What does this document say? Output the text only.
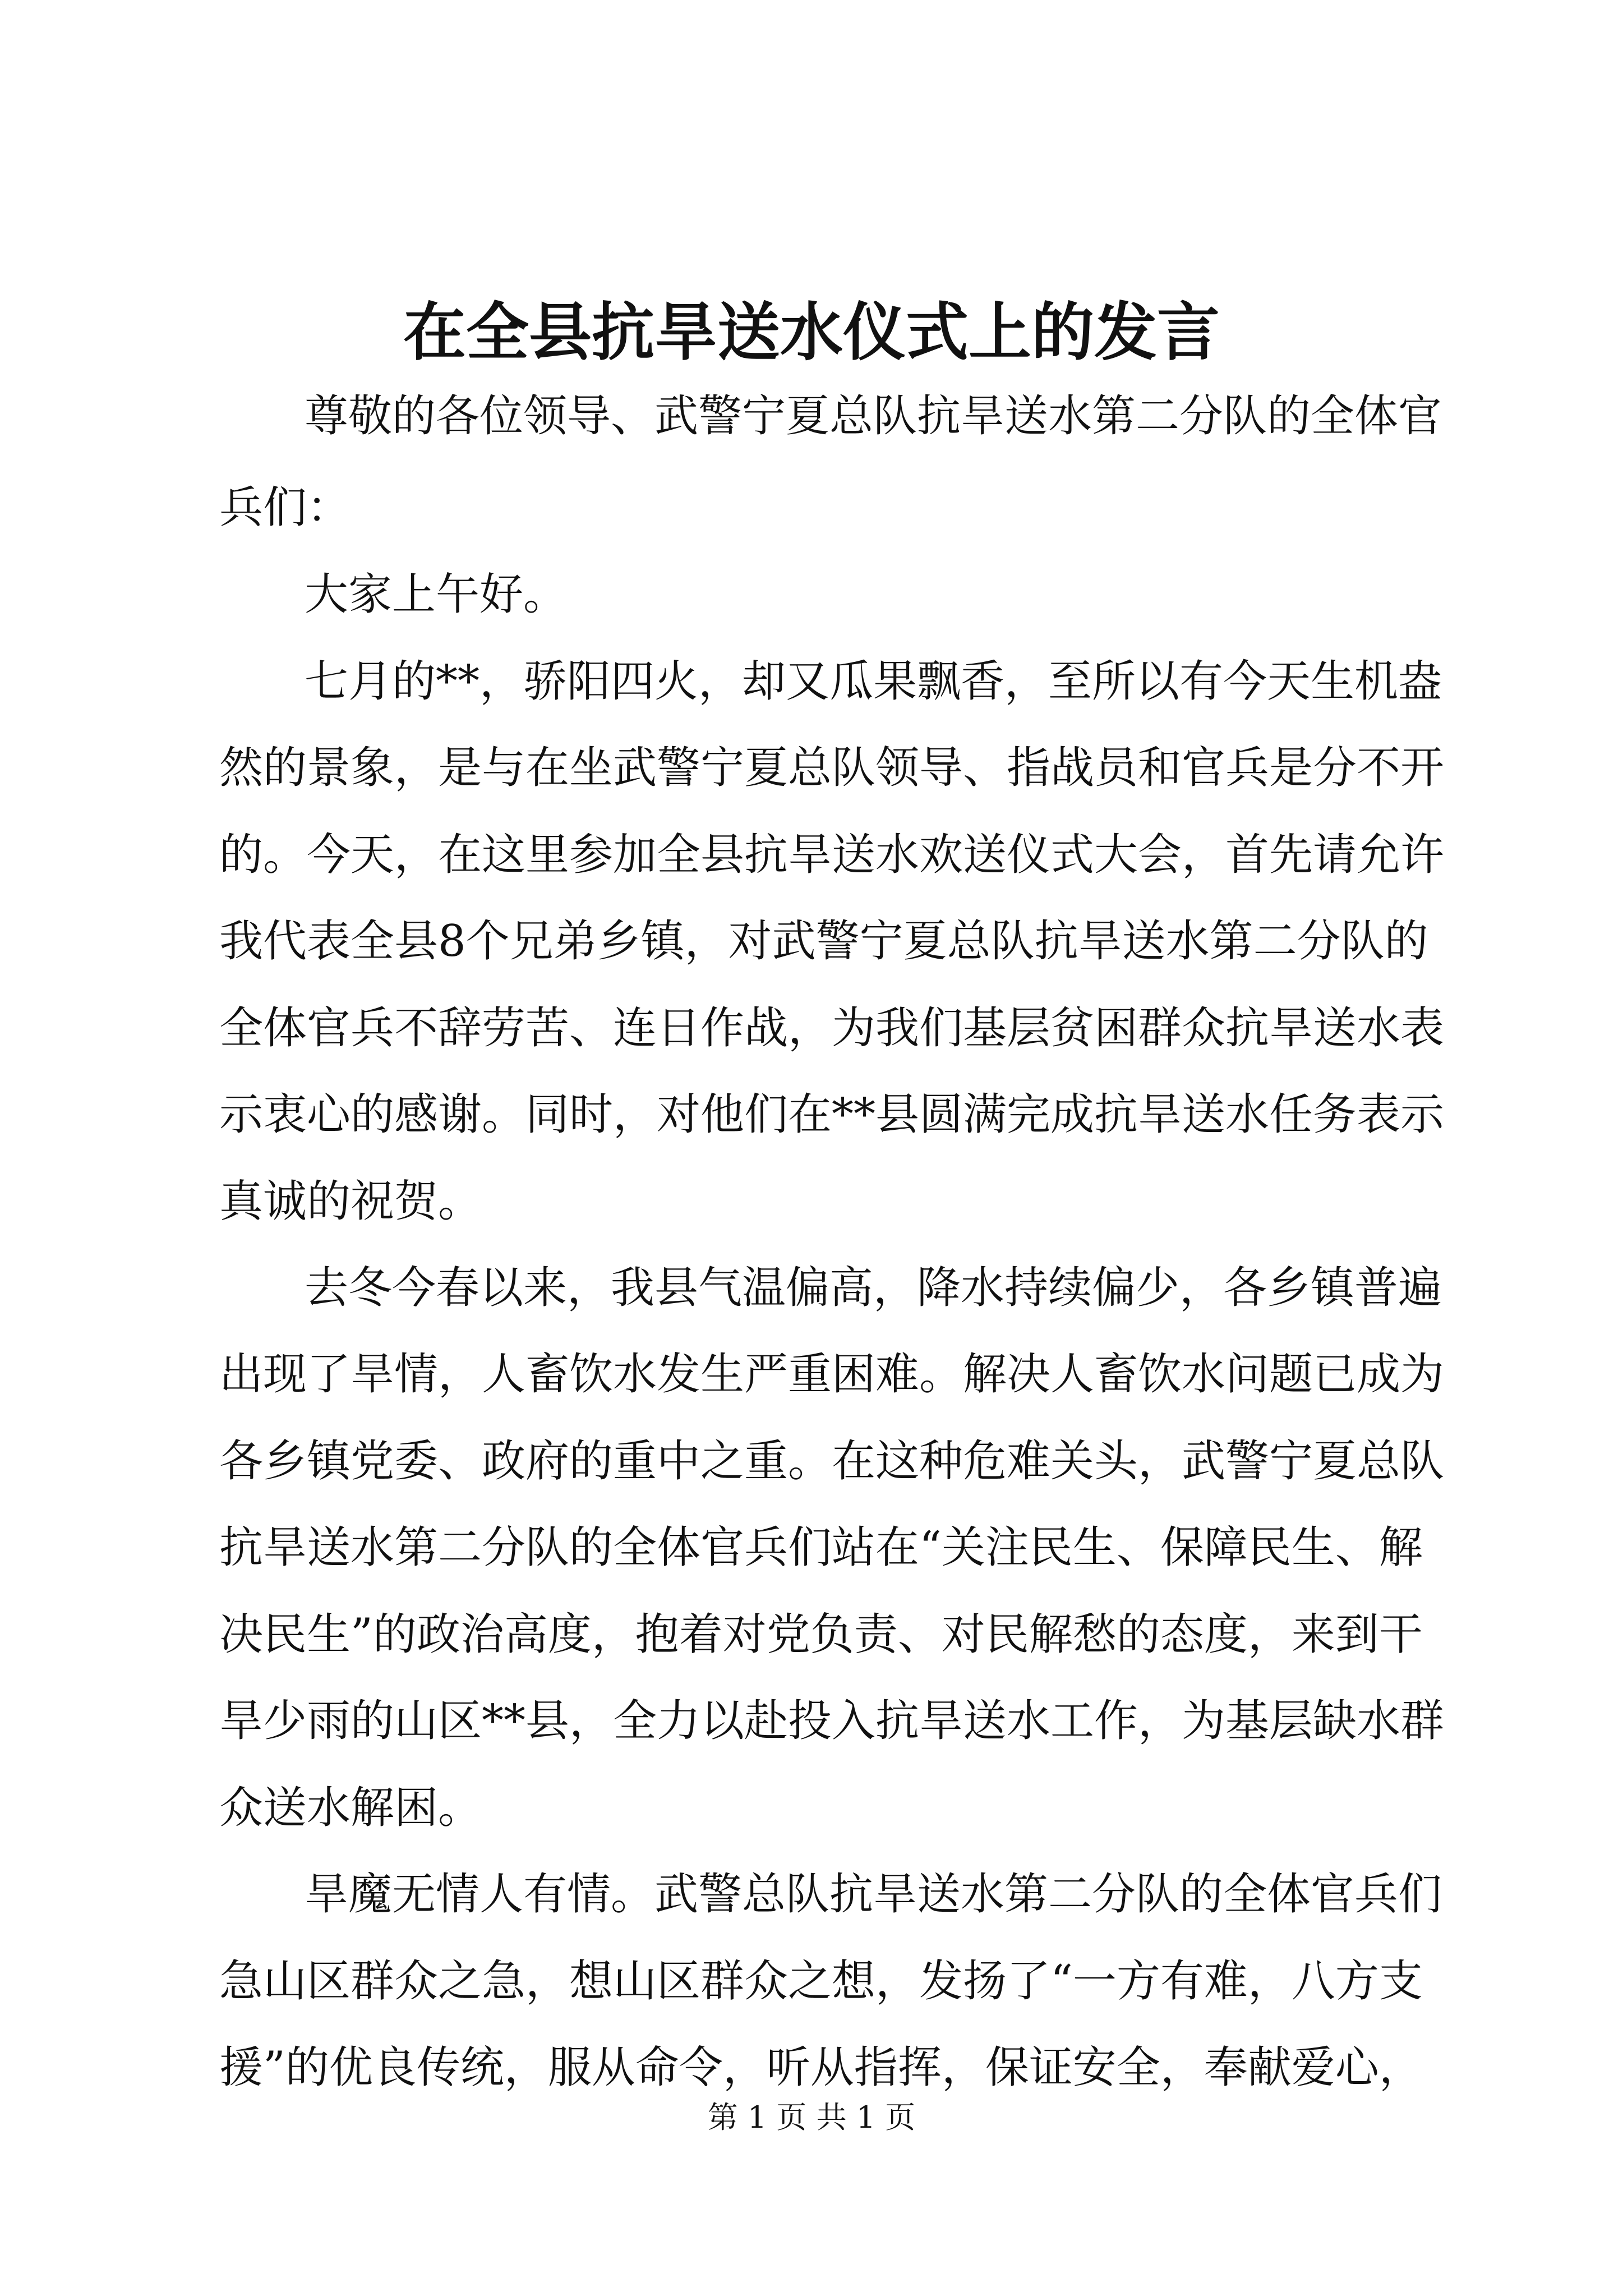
在全县抗旱送水仪式上的发言
尊敬的各位领导、武警宁夏总队抗旱送水第二分队的全体官
兵们：
大家上午好。
七月的**，骄阳四火，却又瓜果飘香，至所以有今天生机盎
然的景象，是与在坐武警宁夏总队领导、指战员和官兵是分不开
的。今天，在这里参加全县抗旱送水欢送仪式大会，首先请允许
我代表全县8个兄弟乡镇，对武警宁夏总队抗旱送水第二分队的
全体官兵不辞劳苦、连日作战，为我们基层贫困群众抗旱送水表
示衷心的感谢。同时，对他们在**县圆满完成抗旱送水任务表示
真诚的祝贺。
去冬今春以来，我县气温偏高，降水持续偏少，各乡镇普遍
出现了旱情，人畜饮水发生严重困难。解决人畜饮水问题已成为
各乡镇党委、政府的重中之重。在这种危难关头，武警宁夏总队
抗旱送水第二分队的全体官兵们站在“关注民生、保障民生、解
决民生”的政治高度，抱着对党负责、对民解愁的态度，来到干
旱少雨的山区**县，全力以赴投入抗旱送水工作，为基层缺水群
众送水解困。
旱魔无情人有情。武警总队抗旱送水第二分队的全体官兵们
急山区群众之急，想山区群众之想，发扬了“一方有难，八方支
援”的优良传统，服从命令，听从指挥，保证安全，奉献爱心，
第 1 页 共 1 页
